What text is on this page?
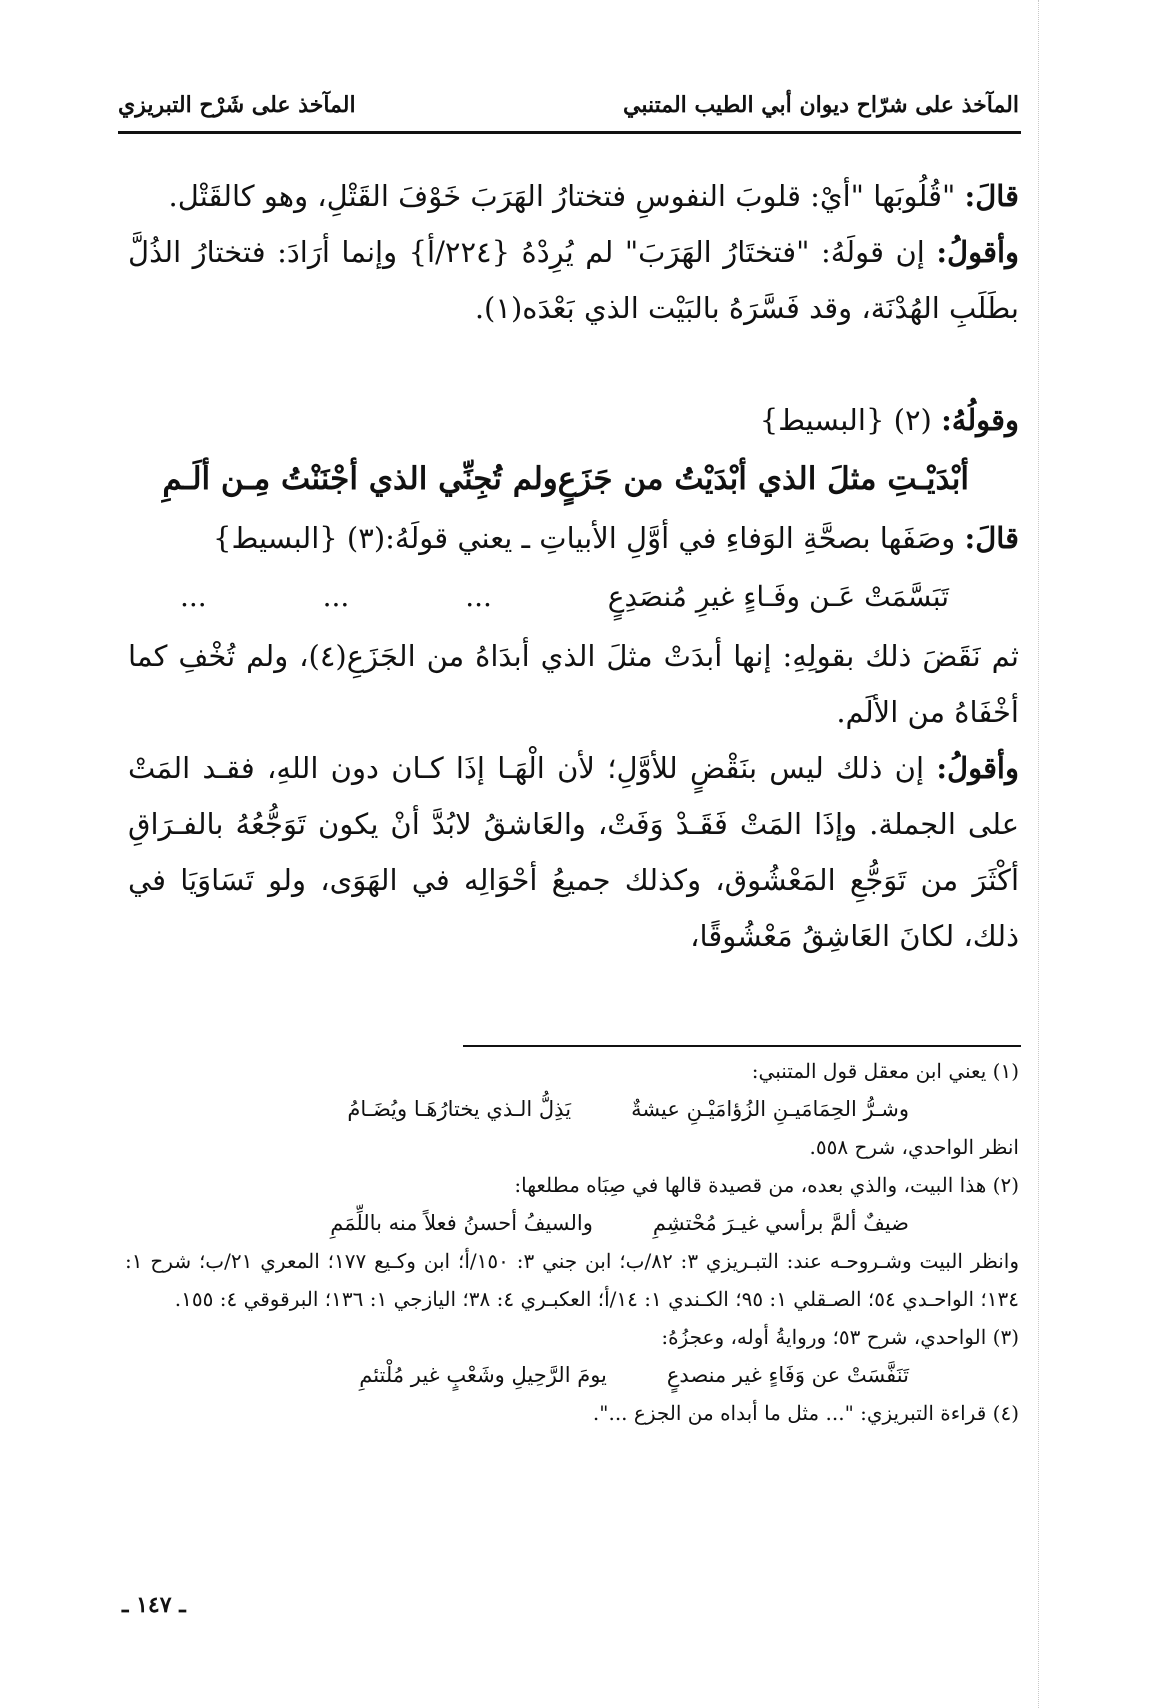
المآخذ على شرّاح ديوان أبي الطيب المتنبي
المآخذ على شَرْح التبريزي

قالَ: "قُلُوبَها "أيْ: قلوبَ النفوسِ فتختارُ الهَرَبَ خَوْفَ القَتْلِ، وهو كالقَتْل.

وأقولُ: إن قولَهُ: "فتختَارُ الهَرَبَ" لم يُرِدْهُ {٢٢٤/أ} وإنما أرَادَ: فتختارُ الذُلَّ بطَلَبِ الهُدْنَة، وقد فَسَّرَهُ بالبَيْت الذي بَعْدَه(١).

وقولُهُ: (٢) {البسيط}

أبْدَيْـتِ مثلَ الذي أبْدَيْتُ من جَزَعٍ
ولم تُجِنِّي الذي أجْنَنْتُ مِـن ألَـمِ

قالَ: وصَفَها بصحَّةِ الوَفاءِ في أوَّلِ الأبياتِ ـ يعني قولَهُ:(٣) {البسيط}

تَبَسَّمَتْ عَـن وفَـاءٍ غيرِ مُنصَدِعٍ
...
...
...

ثم نَقَضَ ذلك بقولِهِ: إنها أبدَتْ مثلَ الذي أبدَاهُ من الجَزَعِ(٤)، ولم تُخْفِ كما أخْفَاهُ من الألَم.

وأقولُ: إن ذلك ليس بنَقْضٍ للأوَّلِ؛ لأن الْهَـا إذَا كـان دون اللهِ، فقـد المَتْ على الجملة. وإذَا المَتْ فَقَـدْ وَفَتْ، والعَاشقُ لابُدَّ أنْ يكون تَوَجُّعُهُ بالفـرَاقِ أكْثَرَ من تَوَجُّعِ المَعْشُوق، وكذلك جميعُ أحْوَالِه في الهَوَى، ولو تَسَاوَيَا في ذلك، لكانَ العَاشِقُ مَعْشُوقًا،

(١) يعني ابن معقل قول المتنبي:

وشـرُّ الحِمَامَيـنِ الزُؤامَيْـنِ عيشةٌ
يَذِلُّ الـذي يختارُهَـا ويُضَـامُ

انظر الواحدي، شرح ٥٥٨.

(٢) هذا البيت، والذي بعده، من قصيدة قالها في صِبَاه مطلعها:

ضيفٌ ألمَّ برأسي غيـرَ مُحْتشِمِ
والسيفُ أحسنُ فعلاً منه باللِّمَمِ

وانظر البيت وشـروحـه عند: التبـريزي ٣: ٨٢/ب؛ ابن جني ٣: ١٥٠/أ؛ ابن وكـيع ١٧٧؛ المعري ٢١/ب؛ شرح ١: ١٣٤؛ الواحـدي ٥٤؛ الصـقلي ١: ٩٥؛ الكـندي ١: ١٤/أ؛ العكبـري ٤: ٣٨؛ اليازجي ١: ١٣٦؛ البرقوقي ٤: ١٥٥.

(٣) الواحدي، شرح ٥٣؛ وروايةُ أوله، وعجزُهُ:

تَنَفَّسَتْ عن وَفَاءٍ غير منصدعٍ
يومَ الرَّحِيلِ وشَعْبٍ غير مُلْتئمِ

(٤) قراءة التبريزي: "... مثل ما أبداه من الجزع ...".

ـ ١٤٧ ـ
